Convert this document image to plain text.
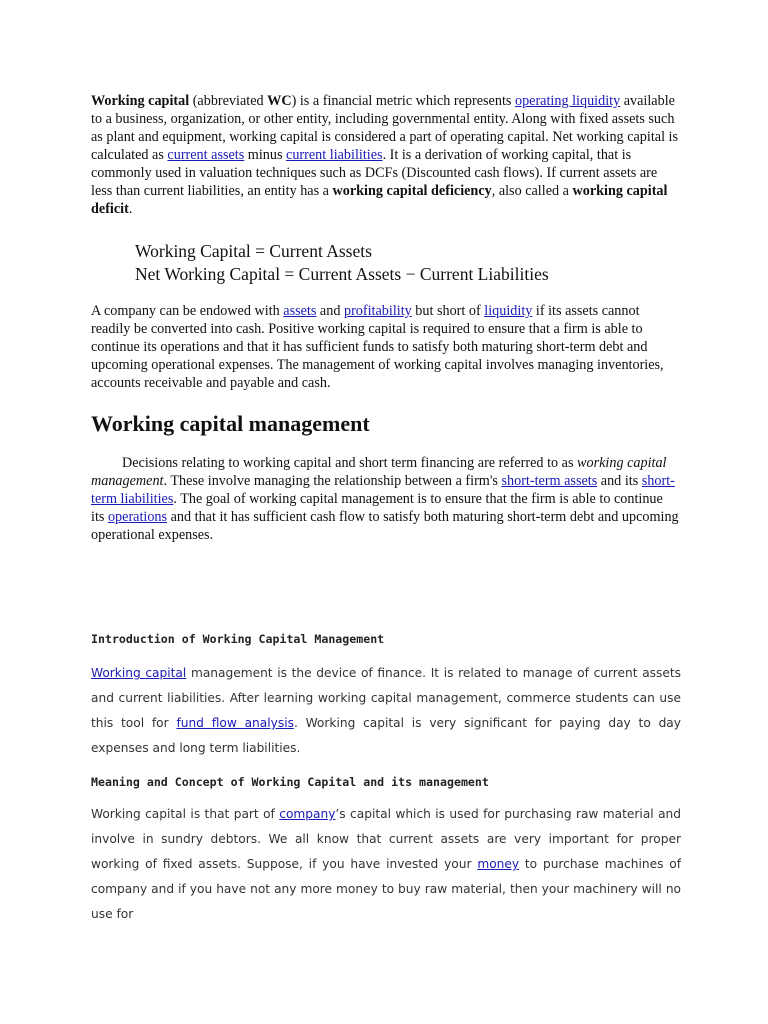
Working capital (abbreviated WC) is a financial metric which represents operating liquidity available to a business, organization, or other entity, including governmental entity. Along with fixed assets such as plant and equipment, working capital is considered a part of operating capital. Net working capital is calculated as current assets minus current liabilities. It is a derivation of working capital, that is commonly used in valuation techniques such as DCFs (Discounted cash flows). If current assets are less than current liabilities, an entity has a working capital deficiency, also called a working capital deficit.

Working Capital = Current Assets
Net Working Capital = Current Assets − Current Liabilities

A company can be endowed with assets and profitability but short of liquidity if its assets cannot readily be converted into cash. Positive working capital is required to ensure that a firm is able to continue its operations and that it has sufficient funds to satisfy both maturing short-term debt and upcoming operational expenses. The management of working capital involves managing inventories, accounts receivable and payable and cash.

Working capital management

Decisions relating to working capital and short term financing are referred to as working capital management. These involve managing the relationship between a firm's short-term assets and its short-term liabilities. The goal of working capital management is to ensure that the firm is able to continue its operations and that it has sufficient cash flow to satisfy both maturing short-term debt and upcoming operational expenses.

Introduction of Working Capital Management

Working capital management is the device of finance. It is related to manage of current assets and current liabilities. After learning working capital management, commerce students can use this tool for fund flow analysis. Working capital is very significant for paying day to day expenses and long term liabilities.

Meaning and Concept of Working Capital and its management

Working capital is that part of company’s capital which is used for purchasing raw material and involve in sundry debtors. We all know that current assets are very important for proper working of fixed assets. Suppose, if you have invested your money to purchase machines of company and if you have not any more money to buy raw material, then your machinery will no use for
